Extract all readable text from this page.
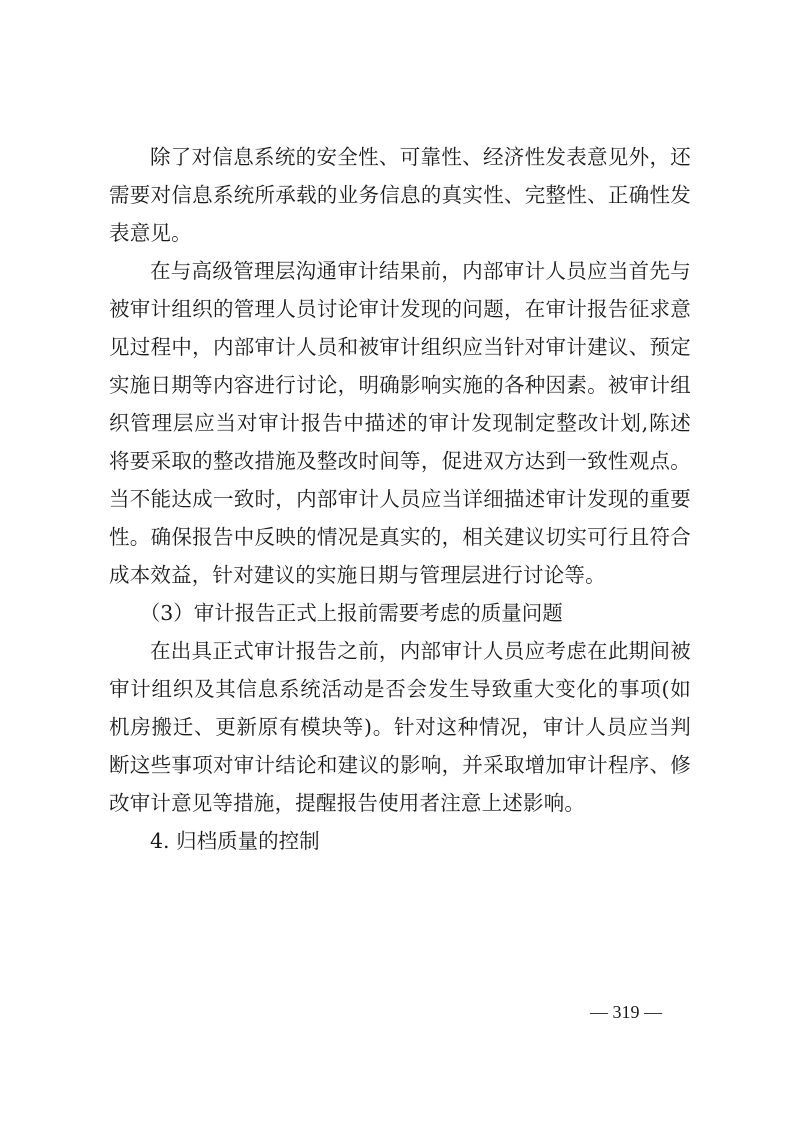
除了对信息系统的安全性、可靠性、经济性发表意见外，还需要对信息系统所承载的业务信息的真实性、完整性、正确性发表意见。

在与高级管理层沟通审计结果前，内部审计人员应当首先与被审计组织的管理人员讨论审计发现的问题，在审计报告征求意见过程中，内部审计人员和被审计组织应当针对审计建议、预定实施日期等内容进行讨论，明确影响实施的各种因素。被审计组织管理层应当对审计报告中描述的审计发现制定整改计划,陈述将要采取的整改措施及整改时间等，促进双方达到一致性观点。当不能达成一致时，内部审计人员应当详细描述审计发现的重要性。确保报告中反映的情况是真实的，相关建议切实可行且符合成本效益，针对建议的实施日期与管理层进行讨论等。

（3）审计报告正式上报前需要考虑的质量问题

在出具正式审计报告之前，内部审计人员应考虑在此期间被审计组织及其信息系统活动是否会发生导致重大变化的事项(如机房搬迁、更新原有模块等)。针对这种情况，审计人员应当判断这些事项对审计结论和建议的影响，并采取增加审计程序、修改审计意见等措施，提醒报告使用者注意上述影响。

4. 归档质量的控制

— 319 —
